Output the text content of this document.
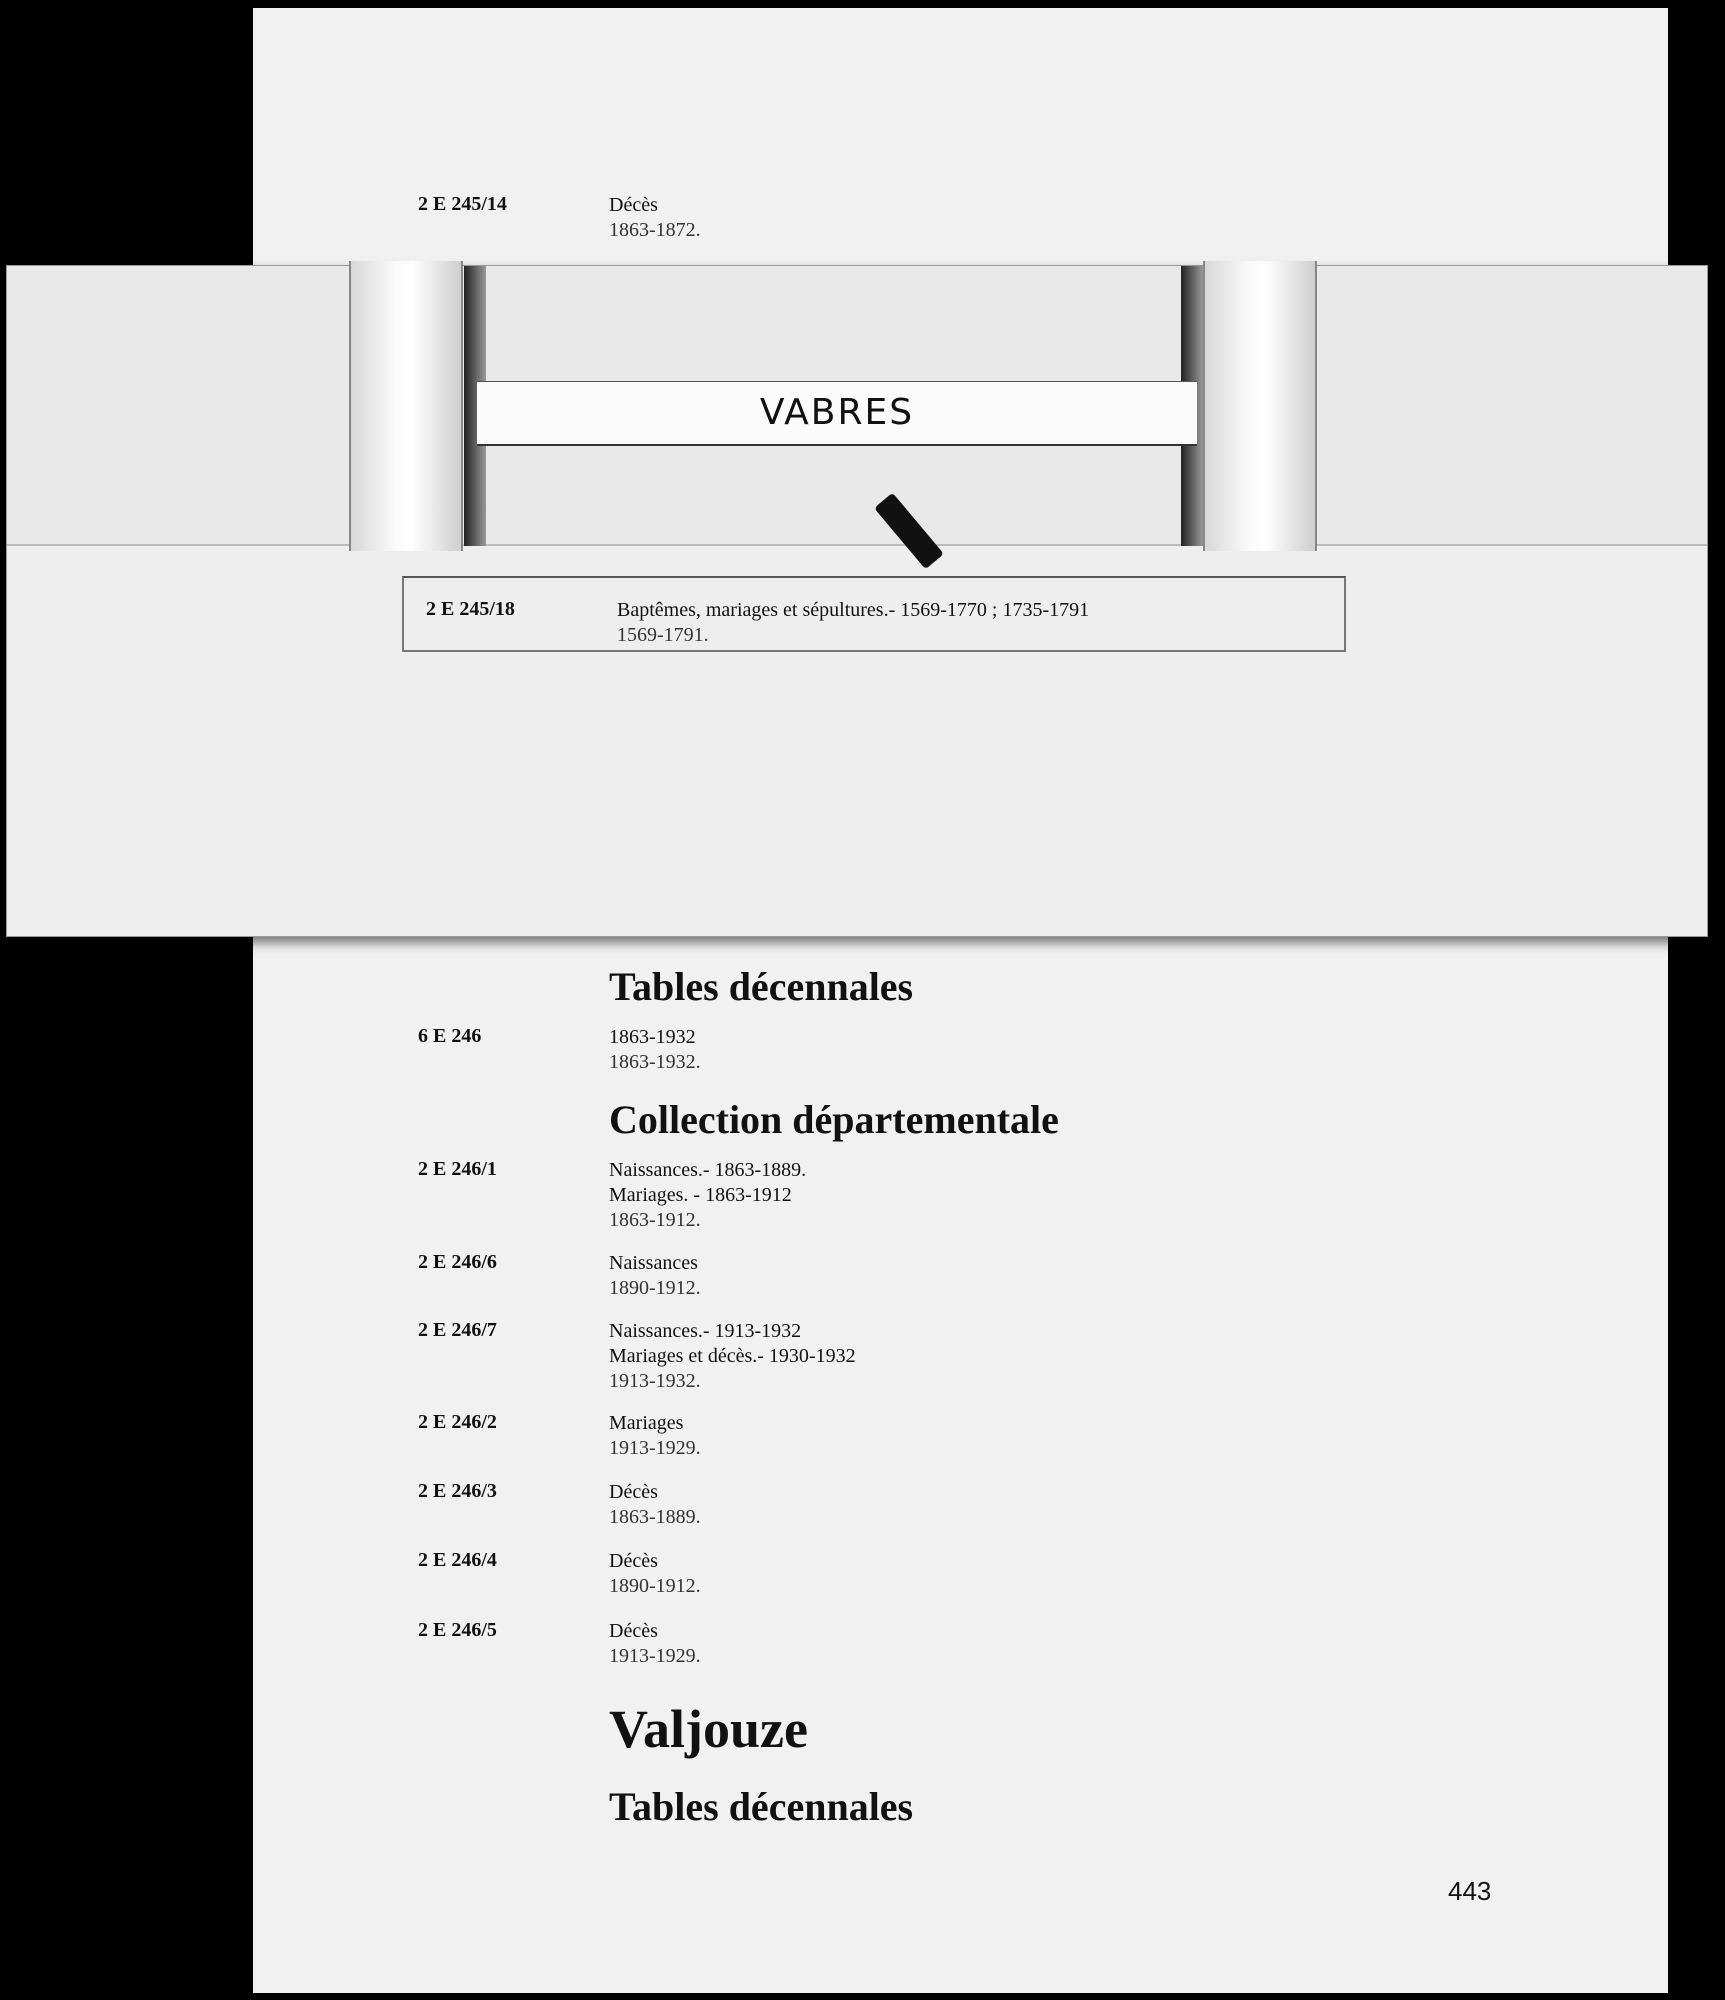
2 E 245/14	Décès
1863-1872.
Tables décennales
6 E 246	1863-1932
1863-1932.
Collection départementale
2 E 246/1	Naissances.- 1863-1889.
Mariages. - 1863-1912
1863-1912.
2 E 246/6	Naissances
1890-1912.
2 E 246/7	Naissances.- 1913-1932
Mariages et décès.- 1930-1932
1913-1932.
2 E 246/2	Mariages
1913-1929.
2 E 246/3	Décès
1863-1889.
2 E 246/4	Décès
1890-1912.
2 E 246/5	Décès
1913-1929.
Valjouze
Tables décennales
443
VABRES
2 E 245/18	Baptêmes, mariages et sépultures.- 1569-1770 ; 1735-1791
1569-1791.
